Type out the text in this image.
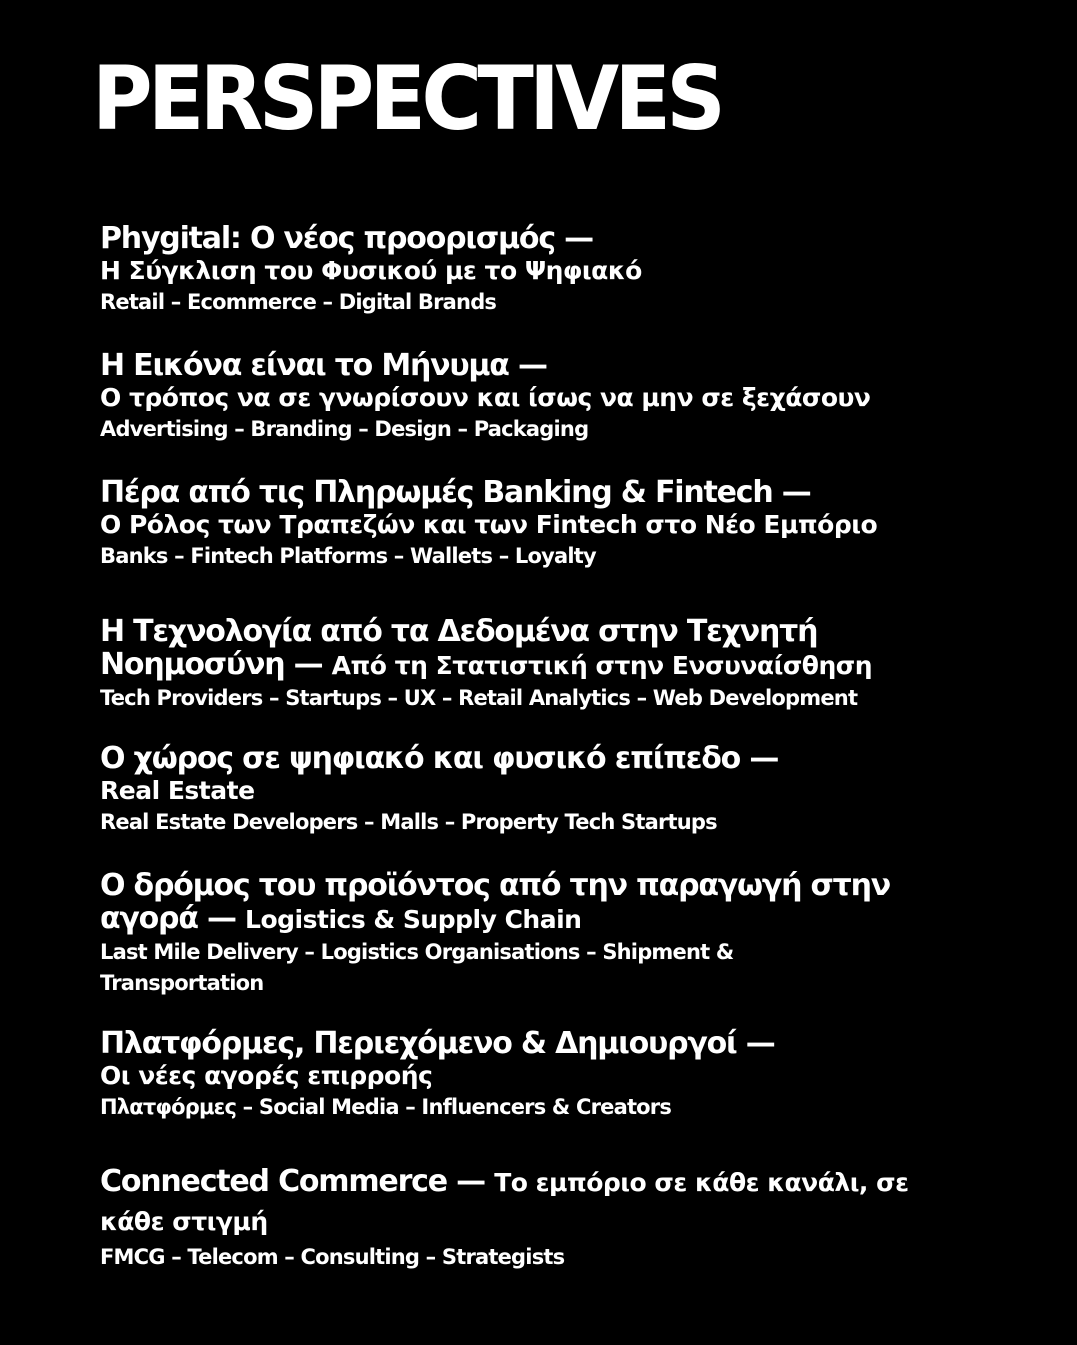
PERSPECTIVES
Phygital: Ο νέος προορισμός —
Η Σύγκλιση του Φυσικού με το Ψηφιακό
Retail – Ecommerce – Digital Brands
Η Εικόνα είναι το Μήνυμα —
Ο τρόπος να σε γνωρίσουν και ίσως να μην σε ξεχάσουν
Advertising – Branding – Design – Packaging
Πέρα από τις Πληρωμές Banking & Fintech —
Ο Ρόλος των Τραπεζών και των Fintech στο Νέο Εμπόριο
Banks – Fintech Platforms – Wallets – Loyalty
Η Τεχνολογία από τα Δεδομένα στην Τεχνητή Νοημοσύνη — Από τη Στατιστική στην Ενσυναίσθηση
Tech Providers – Startups – UX – Retail Analytics – Web Development
Ο χώρος σε ψηφιακό και φυσικό επίπεδο —
Real Estate
Real Estate Developers – Malls – Property Tech Startups
Ο δρόμος του προϊόντος από την παραγωγή στην αγορά — Logistics & Supply Chain
Last Mile Delivery – Logistics Organisations – Shipment & Transportation
Πλατφόρμες, Περιεχόμενο & Δημιουργοί —
Οι νέες αγορές επιρροής
Πλατφόρμες – Social Media – Influencers & Creators
Connected Commerce — Το εμπόριο σε κάθε κανάλι, σε κάθε στιγμή
FMCG – Telecom – Consulting – Strategists
